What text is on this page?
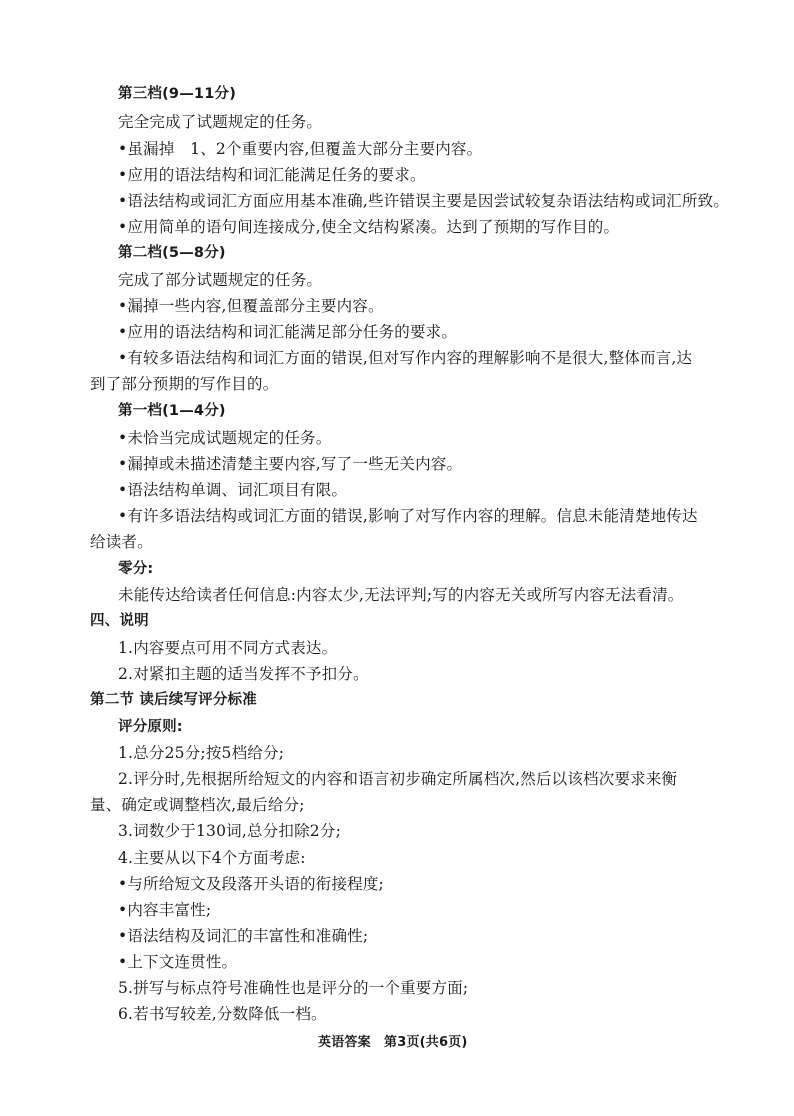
第三档(9—11分)
完全完成了试题规定的任务。
•虽漏掉　1、2个重要内容,但覆盖大部分主要内容。
•应用的语法结构和词汇能满足任务的要求。
•语法结构或词汇方面应用基本准确,些许错误主要是因尝试较复杂语法结构或词汇所致。
•应用简单的语句间连接成分,使全文结构紧凑。达到了预期的写作目的。
第二档(5—8分)
完成了部分试题规定的任务。
•漏掉一些内容,但覆盖部分主要内容。
•应用的语法结构和词汇能满足部分任务的要求。
•有较多语法结构和词汇方面的错误,但对写作内容的理解影响不是很大,整体而言,达
到了部分预期的写作目的。
第一档(1—4分)
•未恰当完成试题规定的任务。
•漏掉或未描述清楚主要内容,写了一些无关内容。
•语法结构单调、词汇项目有限。
•有许多语法结构或词汇方面的错误,影响了对写作内容的理解。信息未能清楚地传达
给读者。
零分:
未能传达给读者任何信息:内容太少,无法评判;写的内容无关或所写内容无法看清。
四、说明
1.内容要点可用不同方式表达。
2.对紧扣主题的适当发挥不予扣分。
第二节 读后续写评分标准
评分原则:
1.总分25分;按5档给分;
2.评分时,先根据所给短文的内容和语言初步确定所属档次,然后以该档次要求来衡
量、确定或调整档次,最后给分;
3.词数少于130词,总分扣除2分;
4.主要从以下4个方面考虑:
•与所给短文及段落开头语的衔接程度;
•内容丰富性;
•语法结构及词汇的丰富性和准确性;
•上下文连贯性。
5.拼写与标点符号准确性也是评分的一个重要方面;
6.若书写较差,分数降低一档。
英语答案　第3页(共6页)
